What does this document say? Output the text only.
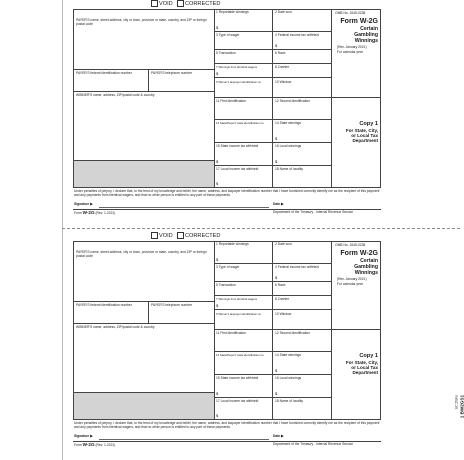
VOID	CORRECTED
PAYER'S name, street address, city or town, province or state, country, and ZIP or foreign postal code
PAYER'S federal identification number	PAYER'S telephone number
WINNER'S name, address, ZIP/postal code & country
1 Reportable winnings
$
2 Date won
3 Type of wager	4 Federal income tax withheld
$
5 Transaction	6 Race
7 Winnings from identical wagers
$
8 Cashier
9 Winner's taxpayer identification no.	10 Window
11 First identification	12 Second identification
13 State/Payer's state identification no.	14 State winnings
$
15 State income tax withheld
$
16 Local winnings
$
17 Local income tax withheld
$
18 Name of locality
OMB No. 1545-0238
Form W-2G
Certain
Gambling
Winnings
(Rev. January 2021)
For calendar year
Copy 1
For State, City,
or Local Tax
Department
Under penalties of perjury, I declare that, to the best of my knowledge and belief, the name, address, and taxpayer identification number that I have furnished correctly identify me as the recipient of this payment and any payments from identical wagers, and that no other person is entitled to any part of these payments.
Signature ▶	Date ▶
Form W-2G (Rev. 1-2021)	Department of the Treasury - Internal Revenue Service
VOID	CORRECTED
PAYER'S name, street address, city or town, province or state, country, and ZIP or foreign postal code
PAYER'S federal identification number	PAYER'S telephone number
WINNER'S name, address, ZIP/postal code & country
1 Reportable winnings
$
2 Date won
3 Type of wager	4 Federal income tax withheld
$
5 Transaction	6 Race
7 Winnings from identical wagers
$
8 Cashier
9 Winner's taxpayer identification no.	10 Window
11 First identification	12 Second identification
13 State/Payer's state identification no.	14 State winnings
$
15 State income tax withheld
$
16 Local winnings
$
17 Local income tax withheld
$
18 Name of locality
OMB No. 1545-0238
Form W-2G
Certain
Gambling
Winnings
(Rev. January 2021)
For calendar year
Copy 1
For State, City,
or Local Tax
Department
Under penalties of perjury, I declare that, to the best of my knowledge and belief, the name, address, and taxpayer identification number that I have furnished correctly identify me as the recipient of this payment and any payments from identical wagers, and that no other person is entitled to any part of these payments.
Signature ▶	Date ▶
Form W-2G (Rev. 1-2021)	Department of the Treasury - Internal Revenue Service
IsC 20sho
1 BW2GS1
